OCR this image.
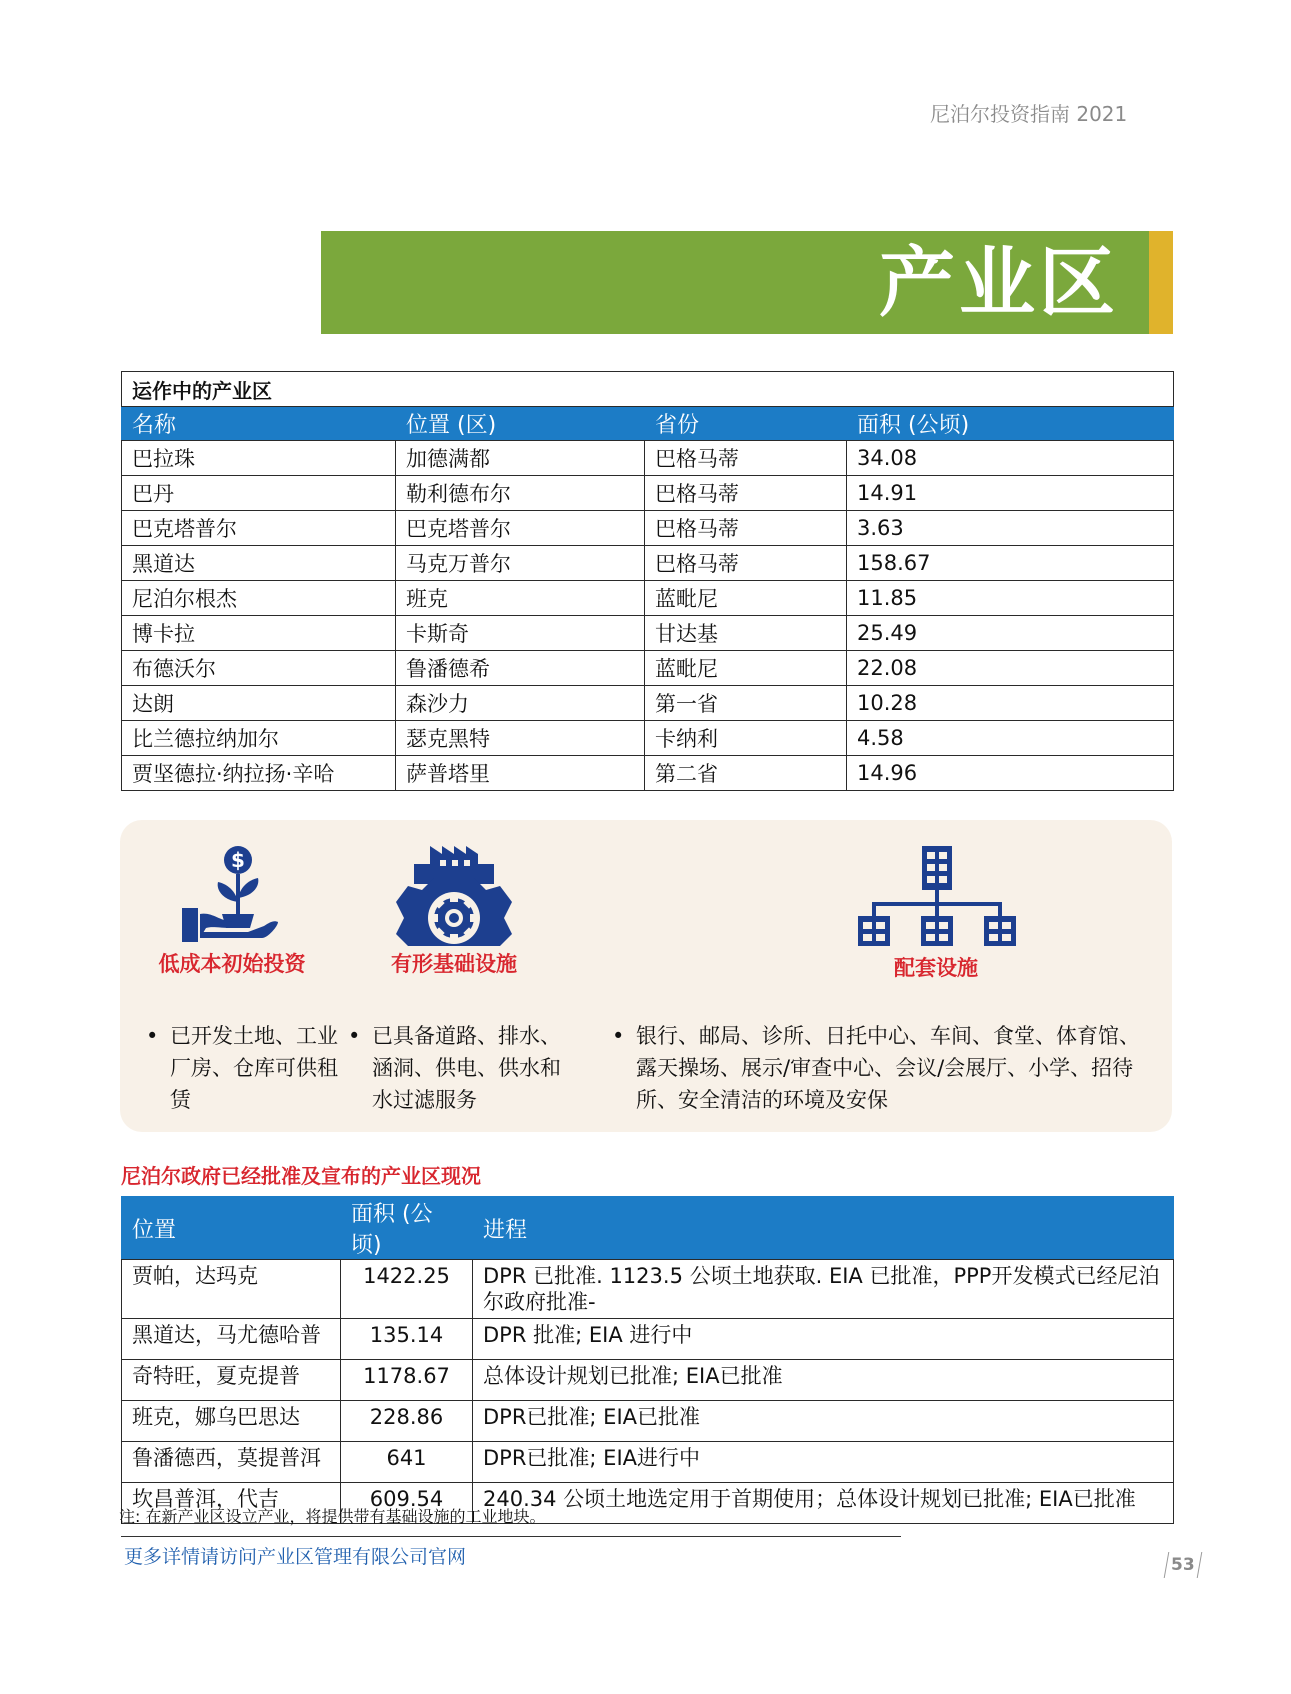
尼泊尔投资指南 2021
产业区
运作中的产业区			
名称	位置 (区)	省份	面积 (公顷)
巴拉珠	加德满都	巴格马蒂	34.08
巴丹	勒利德布尔	巴格马蒂	14.91
巴克塔普尔	巴克塔普尔	巴格马蒂	3.63
黑道达	马克万普尔	巴格马蒂	158.67
尼泊尔根杰	班克	蓝毗尼	11.85
博卡拉	卡斯奇	甘达基	25.49
布德沃尔	鲁潘德希	蓝毗尼	22.08
达朗	森沙力	第一省	10.28
比兰德拉纳加尔	瑟克黑特	卡纳利	4.58
贾坚德拉·纳拉扬·辛哈	萨普塔里	第二省	14.96
$
低成本初始投资
• 已开发土地、工业厂房、仓库可供租赁
有形基础设施
• 已具备道路、排水、涵洞、供电、供水和水过滤服务
配套设施
• 银行、邮局、诊所、日托中心、车间、食堂、体育馆、露天操场、展示/审查中心、会议/会展厅、小学、招待所、安全清洁的环境及安保
尼泊尔政府已经批准及宣布的产业区现况
位置	面积 (公顷)	进程
贾帕，达玛克	1422.25	DPR 已批准. 1123.5 公顷土地获取. EIA 已批准，PPP开发模式已经尼泊尔政府批准-
黑道达，马尤德哈普	135.14	DPR 批准; EIA 进行中
奇特旺，夏克提普	1178.67	总体设计规划已批准; EIA已批准
班克，娜乌巴思达	228.86	DPR已批准; EIA已批准
鲁潘德西，莫提普洱	641	DPR已批准; EIA进行中
坎昌普洱，代吉	609.54	240.34 公顷土地选定用于首期使用；总体设计规划已批准; EIA已批准
注: 在新产业区设立产业，将提供带有基础设施的工业地块。
更多详情请访问产业区管理有限公司官网	53
